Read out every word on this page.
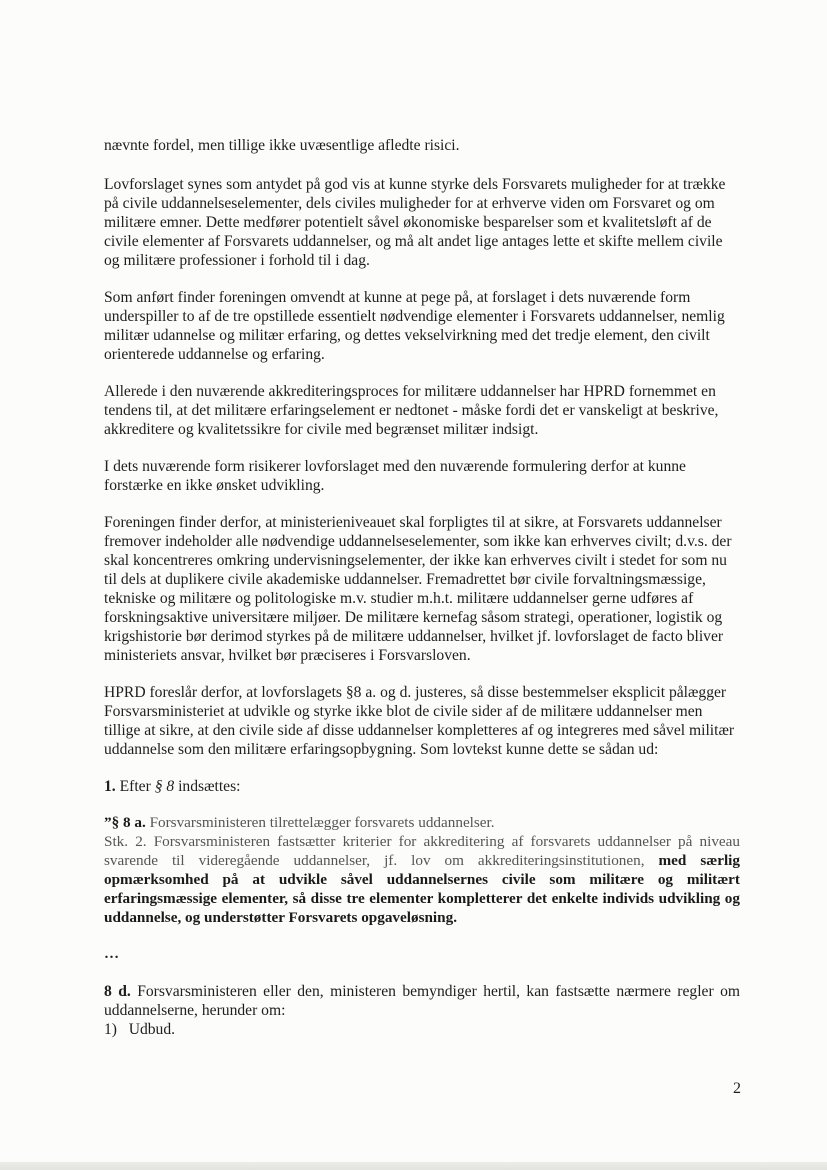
nævnte fordel, men tillige ikke uvæsentlige afledte risici.

Lovforslaget synes som antydet på god vis at kunne styrke dels Forsvarets muligheder for at trække på civile uddannelseselementer, dels civiles muligheder for at erhverve viden om Forsvaret og om militære emner. Dette medfører potentielt såvel økonomiske besparelser som et kvalitetsløft af de civile elementer af Forsvarets uddannelser, og må alt andet lige antages lette et skifte mellem civile og militære professioner i forhold til i dag.

Som anført finder foreningen omvendt at kunne at pege på, at forslaget i dets nuværende form underspiller to af de tre opstillede essentielt nødvendige elementer i Forsvarets uddannelser, nemlig militær udannelse og militær erfaring, og dettes vekselvirkning med det tredje element, den civilt orienterede uddannelse og erfaring.

Allerede i den nuværende akkrediteringsproces for militære uddannelser har HPRD fornemmet en tendens til, at det militære erfaringselement er nedtonet - måske fordi det er vanskeligt at beskrive, akkreditere og kvalitetssikre for civile med begrænset militær indsigt.

I dets nuværende form risikerer lovforslaget med den nuværende formulering derfor at kunne forstærke en ikke ønsket udvikling.

Foreningen finder derfor, at ministerieniveauet skal forpligtes til at sikre, at Forsvarets uddannelser fremover indeholder alle nødvendige uddannelseselementer, som ikke kan erhverves civilt; d.v.s. der skal koncentreres omkring undervisningselementer, der ikke kan erhverves civilt i stedet for som nu til dels at duplikere civile akademiske uddannelser. Fremadrettet bør civile forvaltningsmæssige, tekniske og militære og politologiske m.v. studier m.h.t. militære uddannelser gerne udføres af forskningsaktive universitære miljøer. De militære kernefag såsom strategi, operationer, logistik og krigshistorie bør derimod styrkes på de militære uddannelser, hvilket jf. lovforslaget de facto bliver ministeriets ansvar, hvilket bør præciseres i Forsvarsloven.

HPRD foreslår derfor, at lovforslagets §8 a. og d. justeres, så disse bestemmelser eksplicit pålægger Forsvarsministeriet at udvikle og styrke ikke blot de civile sider af de militære uddannelser men tillige at sikre, at den civile side af disse uddannelser kompletteres af og integreres med såvel militær uddannelse som den militære erfaringsopbygning. Som lovtekst kunne dette se sådan ud:

1. Efter § 8 indsættes:

”§ 8 a. Forsvarsministeren tilrettelægger forsvarets uddannelser.
Stk. 2. Forsvarsministeren fastsætter kriterier for akkreditering af forsvarets uddannelser på niveau svarende til videregående uddannelser, jf. lov om akkrediteringsinstitutionen, med særlig opmærksomhed på at udvikle såvel uddannelsernes civile som militære og militært erfaringsmæssige elementer, så disse tre elementer kompletterer det enkelte individs udvikling og uddannelse, og understøtter Forsvarets opgaveløsning.

…

8 d. Forsvarsministeren eller den, ministeren bemyndiger hertil, kan fastsætte nærmere regler om uddannelserne, herunder om:

1) Udbud.

2
